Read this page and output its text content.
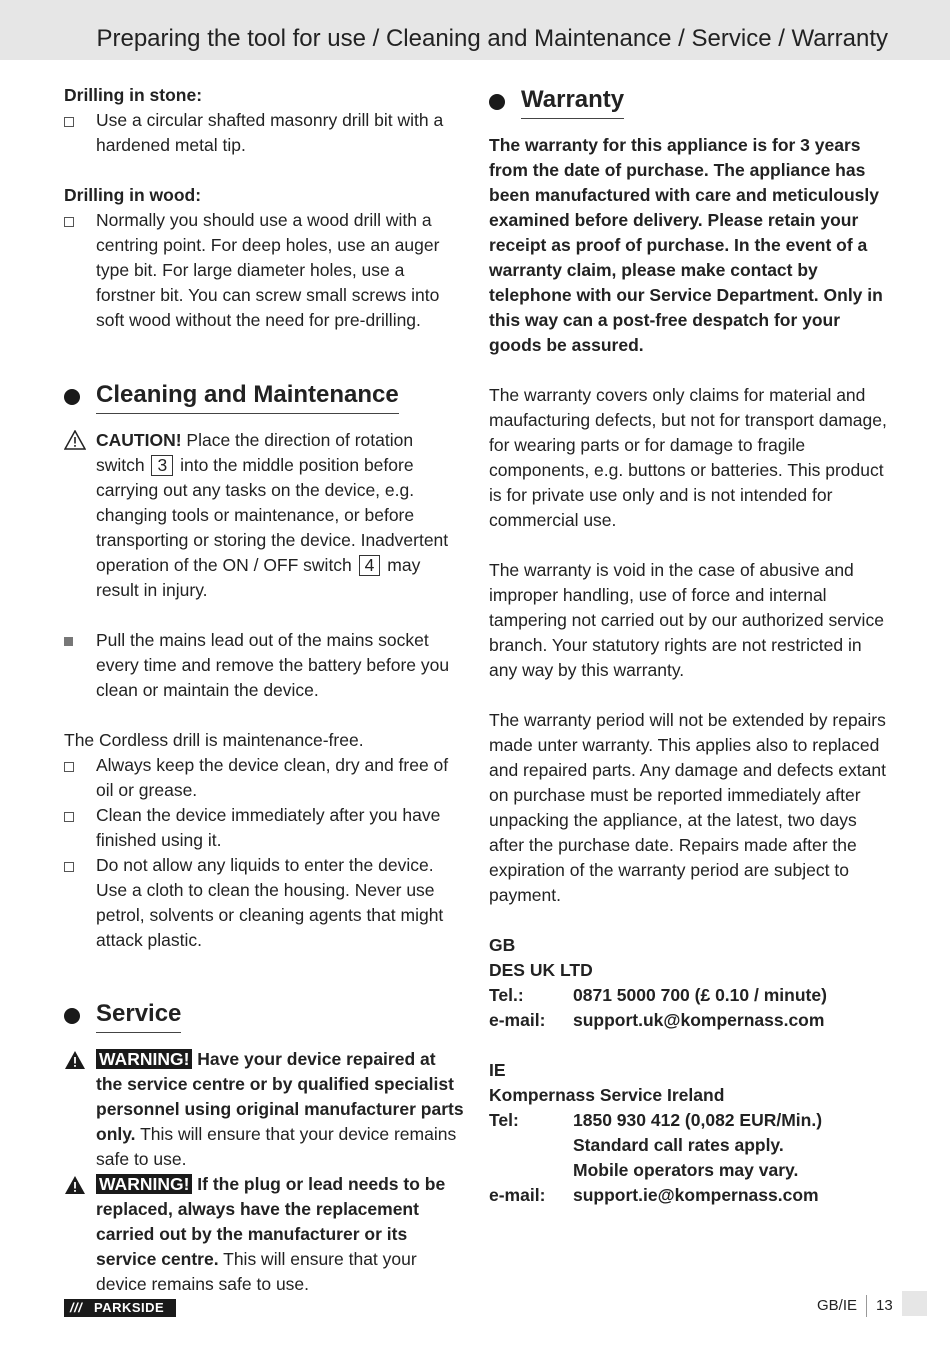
Preparing the tool for use / Cleaning and Maintenance / Service / Warranty
Drilling in stone:
Use a circular shafted masonry drill bit with a hardened metal tip.
Drilling in wood:
Normally you should use a wood drill with a centring point. For deep holes, use an auger type bit. For large diameter holes, use a forstner bit. You can screw small screws into soft wood without the need for pre-drilling.
Cleaning and Maintenance
CAUTION! Place the direction of rotation switch 3 into the middle position before carrying out any tasks on the device, e.g. changing tools or maintenance, or before transporting or storing the device. Inadvertent operation of the ON / OFF switch 4 may result in injury.
Pull the mains lead out of the mains socket every time and remove the battery before you clean or maintain the device.
The Cordless drill is maintenance-free.
Always keep the device clean, dry and free of oil or grease.
Clean the device immediately after you have finished using it.
Do not allow any liquids to enter the device. Use a cloth to clean the housing. Never use petrol, solvents or cleaning agents that might attack plastic.
Service
WARNING! Have your device repaired at the service centre or by qualified specialist personnel using original manufacturer parts only. This will ensure that your device remains safe to use.
WARNING! If the plug or lead needs to be replaced, always have the replacement carried out by the manufacturer or its service centre. This will ensure that your device remains safe to use.
Warranty
The warranty for this appliance is for 3 years from the date of purchase. The appliance has been manufactured with care and meticulously examined before delivery. Please retain your receipt as proof of purchase. In the event of a warranty claim, please make contact by telephone with our Service Department. Only in this way can a post-free despatch for your goods be assured.
The warranty covers only claims for material and maufacturing defects, but not for transport damage, for wearing parts or for damage to fragile components, e.g. buttons or batteries. This product is for private use only and is not intended for commercial use.
The warranty is void in the case of abusive and improper handling, use of force and internal tampering not carried out by our authorized service branch. Your statutory rights are not restricted in any way by this warranty.
The warranty period will not be extended by repairs made unter warranty. This applies also to replaced and repaired parts. Any damage and defects extant on purchase must be reported immediately after unpacking the appliance, at the latest, two days after the purchase date. Repairs made after the expiration of the warranty period are subject to payment.
GB
DES UK LTD
Tel.:	0871 5000 700 (£ 0.10 / minute)
e-mail:	support.uk@kompernass.com
IE
Kompernass Service Ireland
Tel:	1850 930 412 (0,082 EUR/Min.)
Standard call rates apply.
Mobile operators may vary.
e-mail:	support.ie@kompernass.com
/// PARKSIDE	GB/IE 13
